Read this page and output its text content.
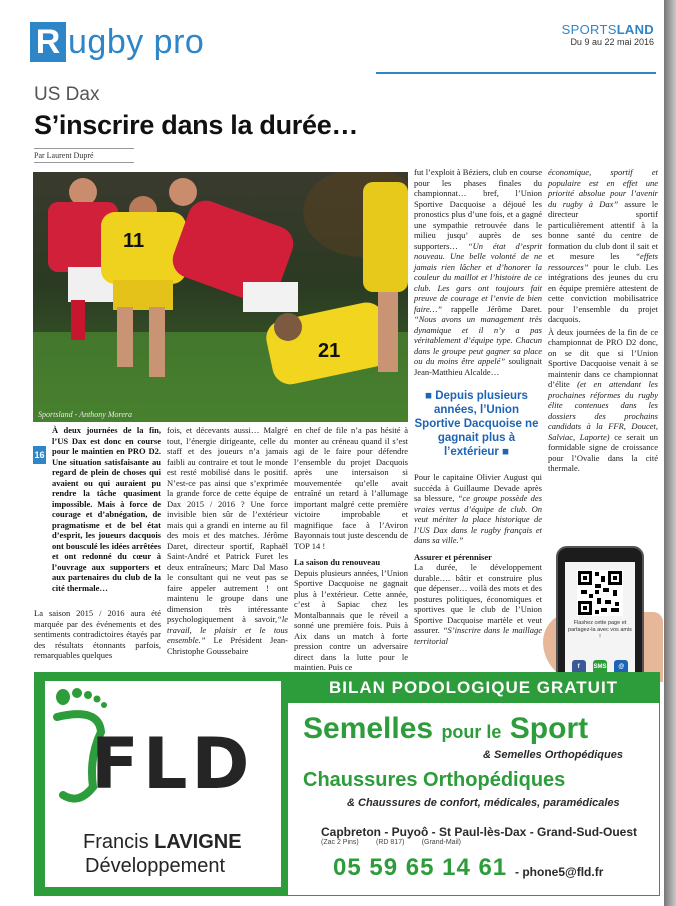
R ugby pro	SPORTSLAND
Du 9 au 22 mai 2016
US Dax
S’inscrire dans la durée…
Par Laurent Dupré
11
21
Sportsland - Anthony Morera
16

À deux journées de la fin, l’US Dax est donc en course pour le maintien en PRO D2. Une situation satisfaisante au regard de plein de choses qui avaient ou qui auraient pu rendre la tâche quasiment impossible. Mais à force de courage et d’abnégation, de pragmatisme et de bel état d’esprit, les joueurs dacquois ont bousculé les idées arrêtées et ont redonné du cœur à l’ouvrage aux supporters et aux partenaires du club de la cité thermale…

La saison 2015 / 2016 aura été marquée par des événements et des sentiments contradictoires étayés par des résultats étonnants parfois, remarquables quelques

fois, et décevants aussi… Malgré tout, l’énergie dirigeante, celle du staff et des joueurs n’a jamais faibli au contraire et tout le monde est resté mobilisé dans le positif. N’est-ce pas ainsi que s’exprimée la grande force de cette équipe de Dax 2015 / 2016 ? Une force invisible bien sûr de l’extérieur mais qui a grandi en interne au fil des mois et des matches. Jérôme Daret, directeur sportif, Raphaël Saint-André et Patrick Furet les deux entraîneurs; Marc Dal Maso le consultant qui ne veut pas se faire appeler autrement ! ont maintenu le groupe dans une dimension très intéressante psychologiquement à savoir,“le travail, le plaisir et le tous ensemble.” Le Président Jean-Christophe Goussebaire

en chef de file n’a pas hésité à monter au créneau quand il s’est agi de le faire pour défendre l’ensemble du projet Dacquois après une intersaison si mouvementée qu’elle avait entraîné un retard à l’allumage important malgré cette première victoire improbable et magnifique face à l’Aviron Bayonnais tout juste descendu de TOP 14 !

La saison du renouveau

Depuis plusieurs années, l’Union Sportive Dacquoise ne gagnait plus à l’extérieur. Cette année, c’est à Sapiac chez les Montalbannais que le réveil a sonné une première fois. Puis à Aix dans un match à forte pression contre un adversaire direct dans la lutte pour le maintien. Puis ce

fut l’exploit à Béziers, club en course pour les phases finales du championnat… bref, l’Union Sportive Dacquoise a déjoué les pronostics plus d’une fois, et a gagné une sympathie retrouvée dans le milieu jusqu’ auprès de ses supporters… “Un état d’esprit nouveau. Une belle volonté de ne jamais rien lâcher et d’honorer la couleur du maillot et l’histoire de ce club. Les gars ont toujours fait preuve de courage et l’envie de bien faire…” rappelle Jérôme Daret. “Nous avons un management très dynamique et il n’y a pas véritablement d’équipe type. Chacun dans le groupe peut gagner sa place ou du moins être appelé” soulignait Jean-Matthieu Alcalde…

■ Depuis plusieurs années, l’Union Sportive Dacquoise ne gagnait plus à l’extérieur ■

Pour le capitaine Olivier August qui succéda à Guillaume Devade après sa blessure, “ce groupe possède des vraies vertus d’équipe de club. On veut mériter la place historique de l’US Dax dans le rugby français et dans sa ville.”

Assurer et pérenniser

La durée, le développement durable…. bâtir et construire plus que dépenser… voilà des mots et des postures politiques, économiques et sportives que le club de l’Union Sportive Dacquoise martèle et veut assurer. “S’inscrire dans le maillage territorial

économique, sportif et populaire est en effet une priorité absolue pour l’avenir du rugby à Dax” assure le directeur sportif particulièrement attentif à la bonne santé du centre de formation du club dont il sait et et mesure les “effets ressources” pour le club. Les intégrations des jeunes du cru en équipe première attestent de cette conviction mobilisatrice pour l’ensemble du projet dacquois.

À deux journées de la fin de ce championnat de PRO D2 donc, on se dit que si l’Union Sportive Dacquoise venait à se maintenir dans ce championnat d’élite (et en attendant les prochaines réformes du rugby élite contenues dans les dossiers des prochains candidats à la FFR, Doucet, Salviac, Laporte) ce serait un formidable signe de croissance pour l’Ovalie dans la cité thermale.

Flashez cette page et partagez-la avec vos amis !
f	SMS	@
FLD
Francis LAVIGNE
Développement
BILAN PODOLOGIQUE GRATUIT
Semelles pour le Sport
& Semelles Orthopédiques
Chaussures Orthopédiques
& Chaussures de confort, médicales, paramédicales
Capbreton - Puyoô - St Paul-lès-Dax - Grand-Sud-Ouest
(Zac 2 Pins) (RD 817) (Grand-Mail)
05 59 65 14 61 - phone5@fld.fr
